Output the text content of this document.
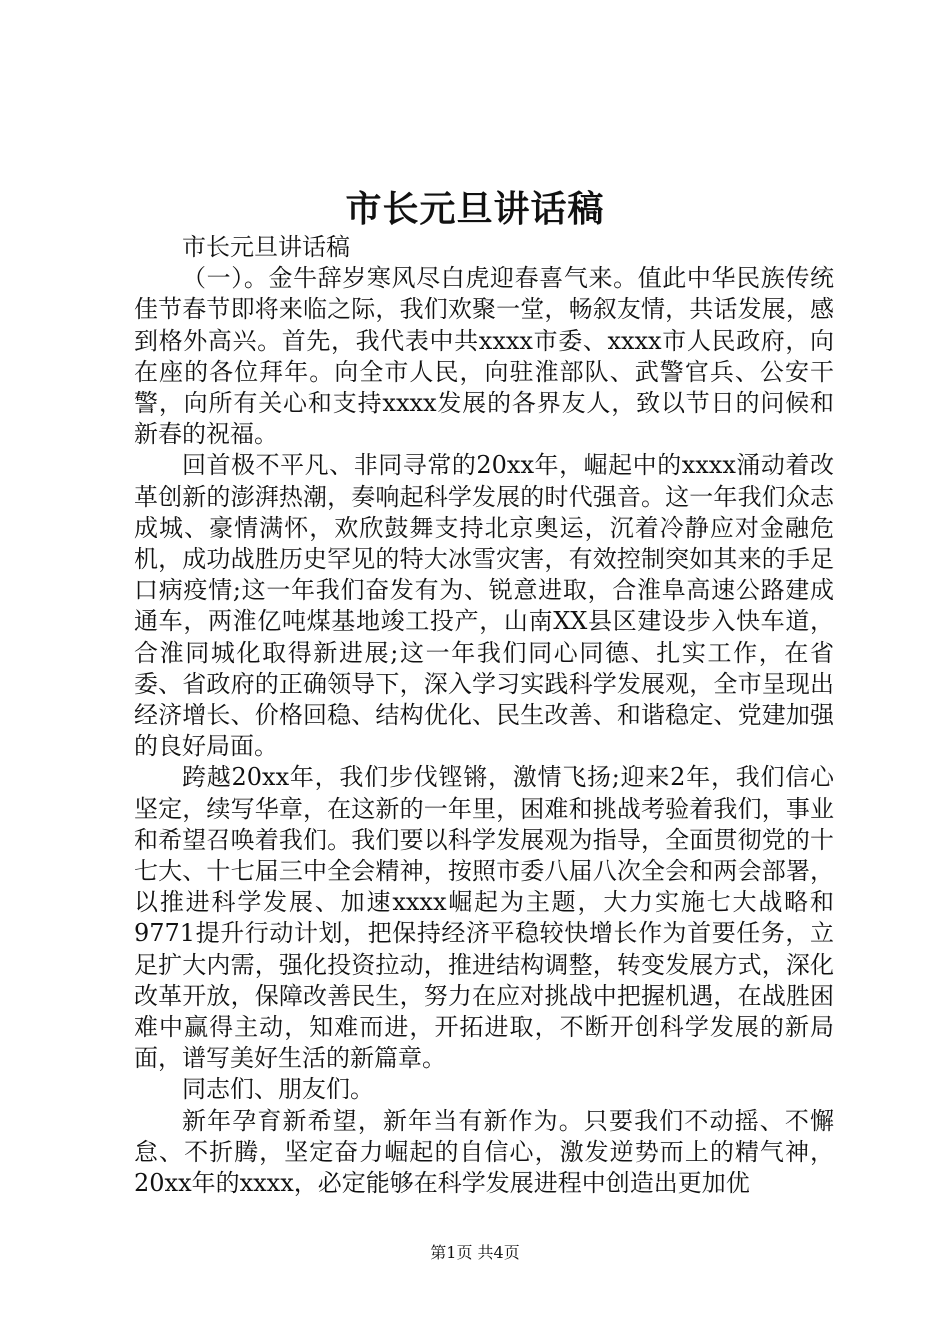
市长元旦讲话稿

市长元旦讲话稿

（一）。金牛辞岁寒风尽白虎迎春喜气来。值此中华民族传统佳节春节即将来临之际，我们欢聚一堂，畅叙友情，共话发展，感到格外高兴。首先，我代表中共xxxx市委、xxxx市人民政府，向在座的各位拜年。向全市人民，向驻淮部队、武警官兵、公安干警，向所有关心和支持xxxx发展的各界友人，致以节日的问候和新春的祝福。

回首极不平凡、非同寻常的20xx年，崛起中的xxxx涌动着改革创新的澎湃热潮，奏响起科学发展的时代强音。这一年我们众志成城、豪情满怀，欢欣鼓舞支持北京奥运，沉着冷静应对金融危机，成功战胜历史罕见的特大冰雪灾害，有效控制突如其来的手足口病疫情;这一年我们奋发有为、锐意进取，合淮阜高速公路建成通车，两淮亿吨煤基地竣工投产，山南XX县区建设步入快车道，合淮同城化取得新进展;这一年我们同心同德、扎实工作，在省委、省政府的正确领导下，深入学习实践科学发展观，全市呈现出经济增长、价格回稳、结构优化、民生改善、和谐稳定、党建加强的良好局面。

跨越20xx年，我们步伐铿锵，激情飞扬;迎来2年，我们信心坚定，续写华章，在这新的一年里，困难和挑战考验着我们，事业和希望召唤着我们。我们要以科学发展观为指导，全面贯彻党的十七大、十七届三中全会精神，按照市委八届八次全会和两会部署，以推进科学发展、加速xxxx崛起为主题，大力实施七大战略和9771提升行动计划，把保持经济平稳较快增长作为首要任务，立足扩大内需，强化投资拉动，推进结构调整，转变发展方式，深化改革开放，保障改善民生，努力在应对挑战中把握机遇，在战胜困难中赢得主动，知难而进，开拓进取，不断开创科学发展的新局面，谱写美好生活的新篇章。

同志们、朋友们。

新年孕育新希望，新年当有新作为。只要我们不动摇、不懈怠、不折腾，坚定奋力崛起的自信心，激发逆势而上的精气神，20xx年的xxxx，必定能够在科学发展进程中创造出更加优

第1页 共4页
